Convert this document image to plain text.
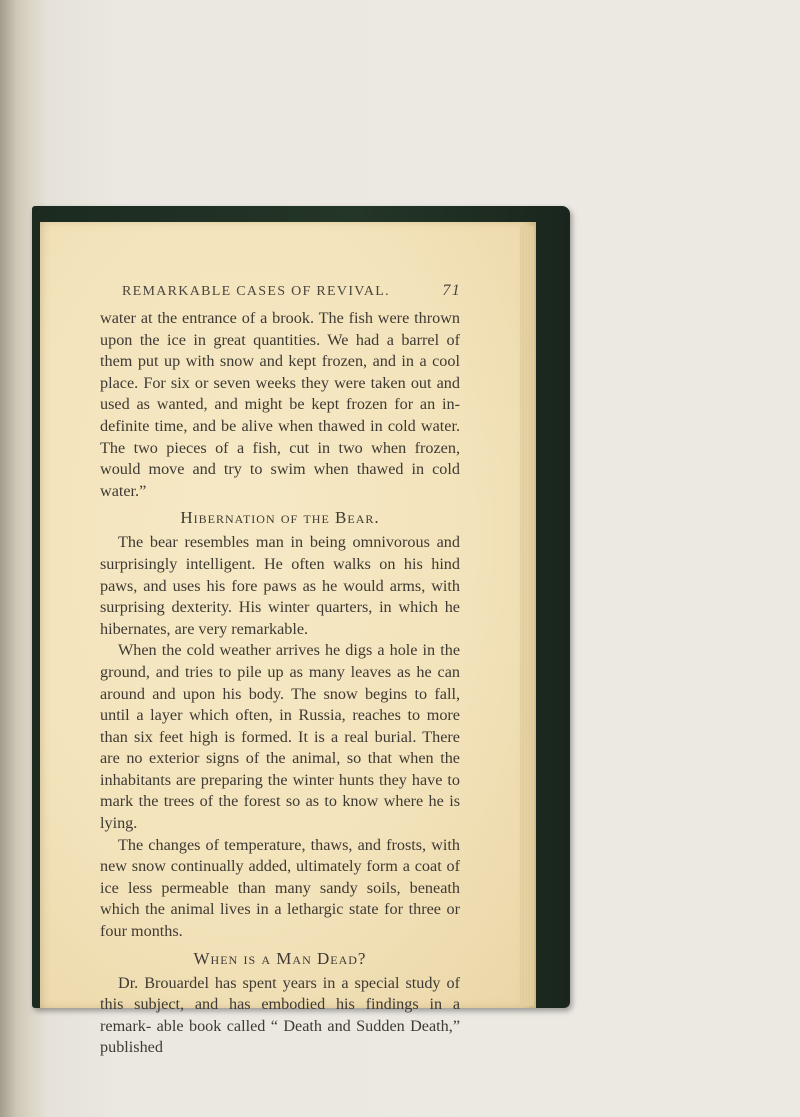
REMARKABLE CASES OF REVIVAL.	71

water at the entrance of a brook. The fish were thrown upon the ice in great quantities. We had a barrel of them put up with snow and kept frozen, and in a cool place. For six or seven weeks they were taken out and used as wanted, and might be kept frozen for an in- definite time, and be alive when thawed in cold water. The two pieces of a fish, cut in two when frozen, would move and try to swim when thawed in cold water.”

Hibernation of the Bear.

The bear resembles man in being omnivorous and surprisingly intelligent. He often walks on his hind paws, and uses his fore paws as he would arms, with surprising dexterity. His winter quarters, in which he hibernates, are very remarkable.

When the cold weather arrives he digs a hole in the ground, and tries to pile up as many leaves as he can around and upon his body. The snow begins to fall, until a layer which often, in Russia, reaches to more than six feet high is formed. It is a real burial. There are no exterior signs of the animal, so that when the inhabitants are preparing the winter hunts they have to mark the trees of the forest so as to know where he is lying.

The changes of temperature, thaws, and frosts, with new snow continually added, ultimately form a coat of ice less permeable than many sandy soils, beneath which the animal lives in a lethargic state for three or four months.

When is a Man Dead?

Dr. Brouardel has spent years in a special study of this subject, and has embodied his findings in a remark- able book called “ Death and Sudden Death,” published
